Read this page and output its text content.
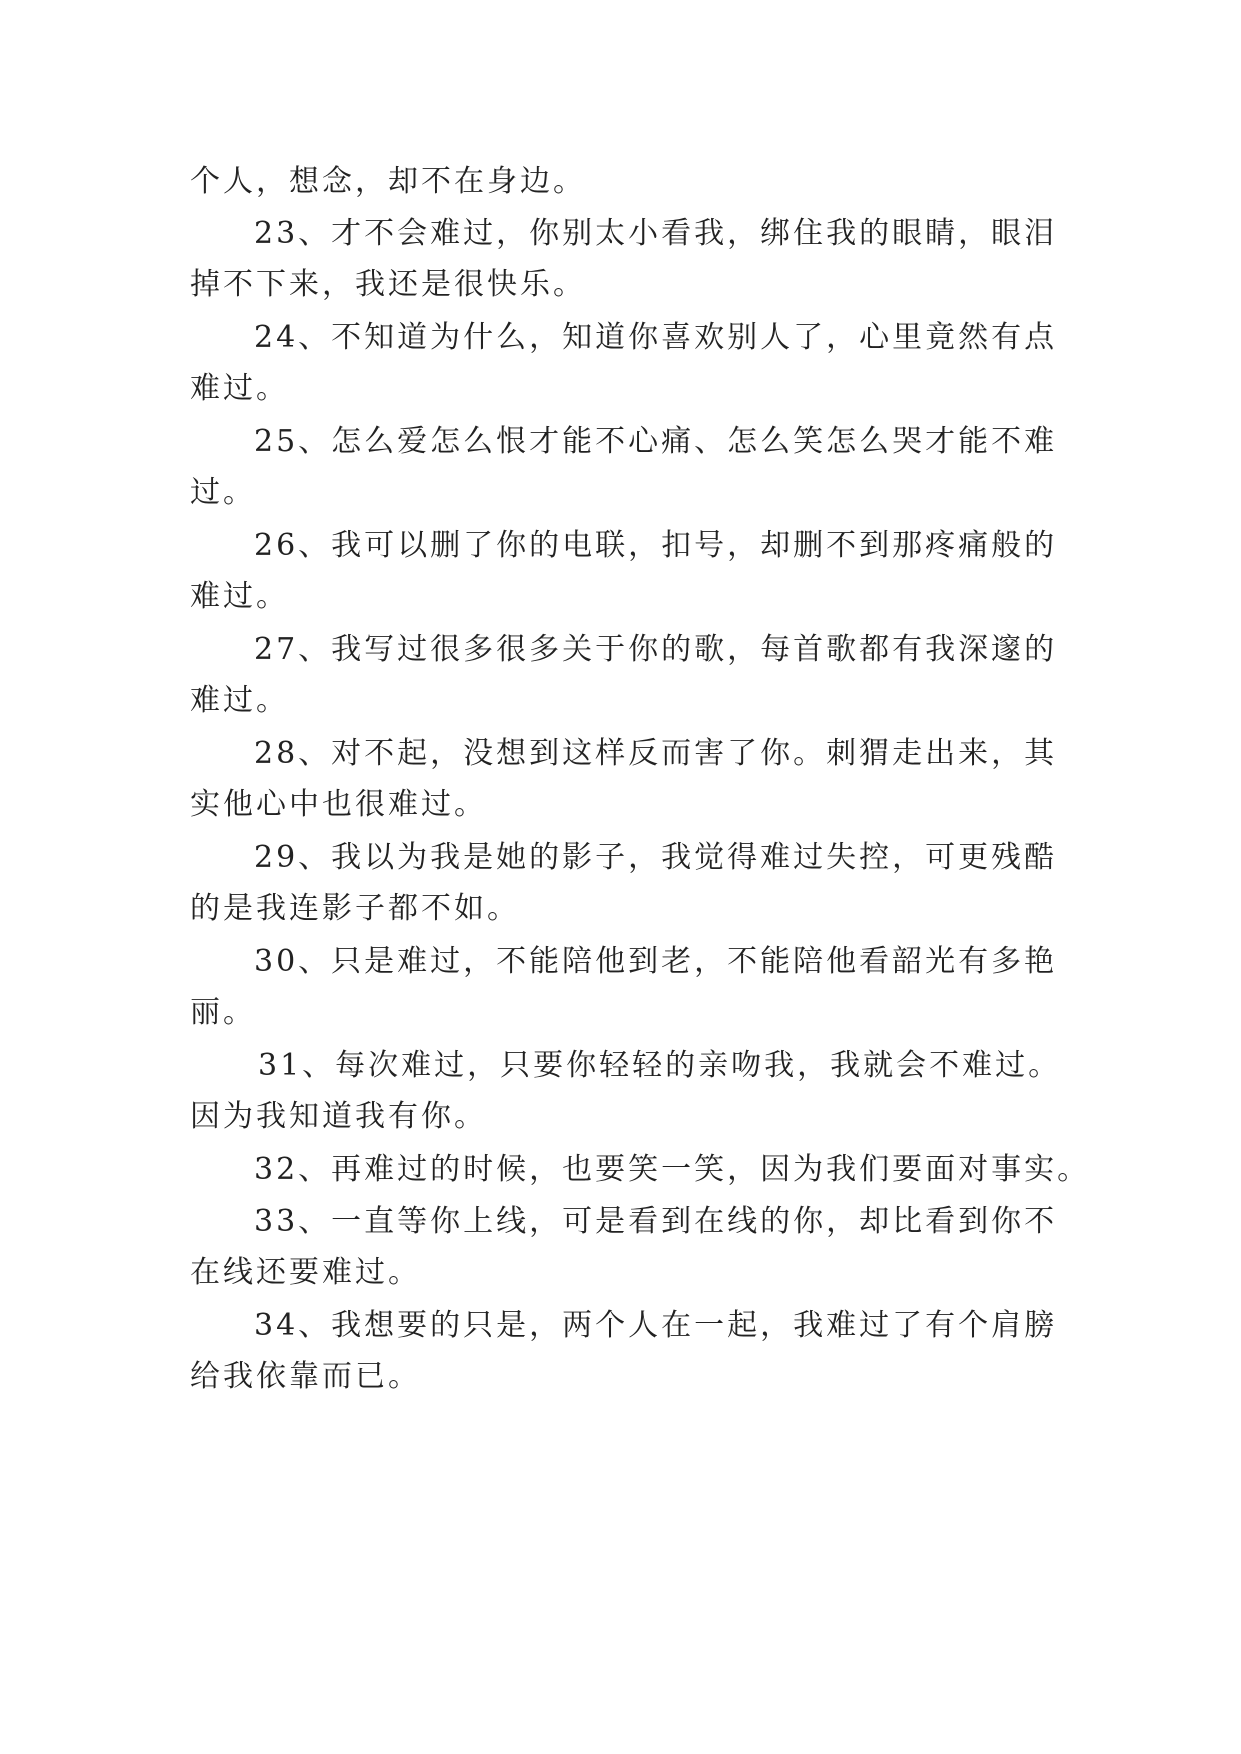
个人，想念，却不在身边。
23、才不会难过，你别太小看我，绑住我的眼睛，眼泪
掉不下来，我还是很快乐。
24、不知道为什么，知道你喜欢别人了，心里竟然有点
难过。
25、怎么爱怎么恨才能不心痛、怎么笑怎么哭才能不难
过。
26、我可以删了你的电联，扣号，却删不到那疼痛般的
难过。
27、我写过很多很多关于你的歌，每首歌都有我深邃的
难过。
28、对不起，没想到这样反而害了你。刺猬走出来，其
实他心中也很难过。
29、我以为我是她的影子，我觉得难过失控，可更残酷
的是我连影子都不如。
30、只是难过，不能陪他到老，不能陪他看韶光有多艳
丽。
31、每次难过，只要你轻轻的亲吻我，我就会不难过。
因为我知道我有你。
32、再难过的时候，也要笑一笑，因为我们要面对事实。
33、一直等你上线，可是看到在线的你，却比看到你不
在线还要难过。
34、我想要的只是，两个人在一起，我难过了有个肩膀
给我依靠而已。
